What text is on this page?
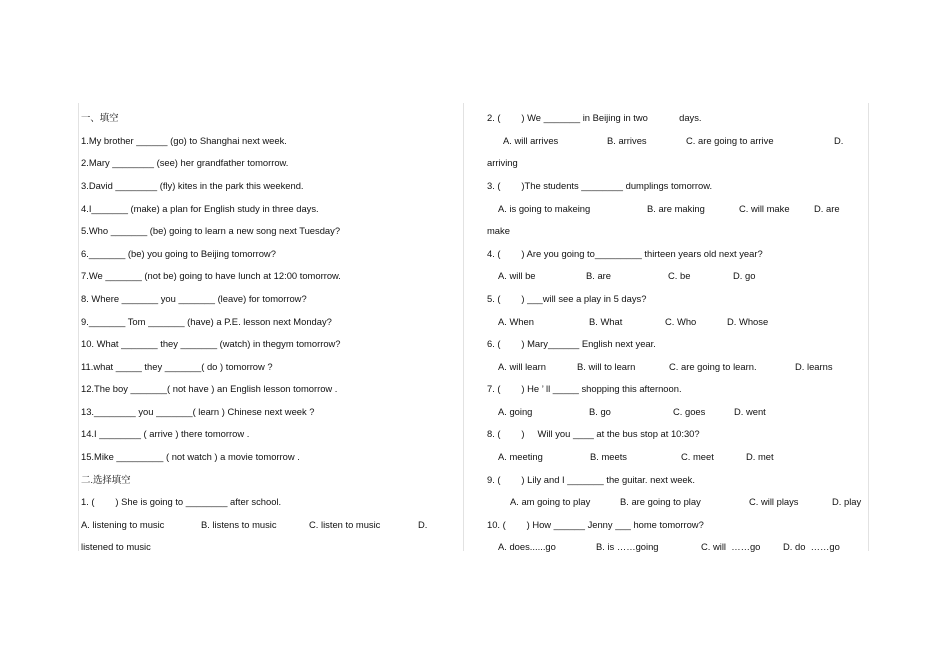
一、填空
1.My brother ______ (go) to Shanghai next week.
2.Mary ________ (see) her grandfather tomorrow.
3.David ________ (fly) kites in the park this weekend.
4.I_______ (make) a plan for English study in three days.
5.Who _______ (be) going to learn a new song next Tuesday?
6._______ (be) you going to Beijing tomorrow?
7.We _______ (not be) going to have lunch at 12:00 tomorrow.
8. Where _______ you _______ (leave) for tomorrow?
9._______ Tom _______ (have) a P.E. lesson next Monday?
10. What _______ they _______ (watch) in thegym tomorrow?
11.what _____ they _______( do ) tomorrow ?
12.The boy _______( not have ) an English lesson tomorrow .
13.________ you _______( learn ) Chinese next week ?
14.I ________ ( arrive ) there tomorrow .
15.Mike _________ ( not watch ) a movie tomorrow .
二.选择填空
1. (        ) She is going to ________ after school.
A. listening to music	B. listens to music	C. listen to music	D.
listened to music
2. (        ) We _______ in Beijing in two            days.
A. will arrives	B. arrives	C. are going to arrive	D.
arriving
3. (        )The students ________ dumplings tomorrow.
A. is going to makeing	B. are making	C. will make	D. are
make
4. (        ) Are you going to_________ thirteen years old next year?
A. will be	B. are	C. be	D. go
5. (        ) ___will see a play in 5 days?
A. When	B. What	C. Who	D. Whose
6. (        ) Mary______ English next year.
A. will learn	B. will to learn	C. are going to learn.	D. learns
7. (        ) He ’ ll _____ shopping this afternoon.
A. going	B. go	C. goes	D. went
8. (        )     Will you ____ at the bus stop at 10:30?
A. meeting	B. meets	C. meet	D. met
9. (        ) Lily and I _______ the guitar. next week.
A. am going to play	B. are going to play	C. will plays	D. play
10. (        ) How ______ Jenny ___ home tomorrow?
A. does......go	B. is ……going	C. will  ……go D. do  ……go
